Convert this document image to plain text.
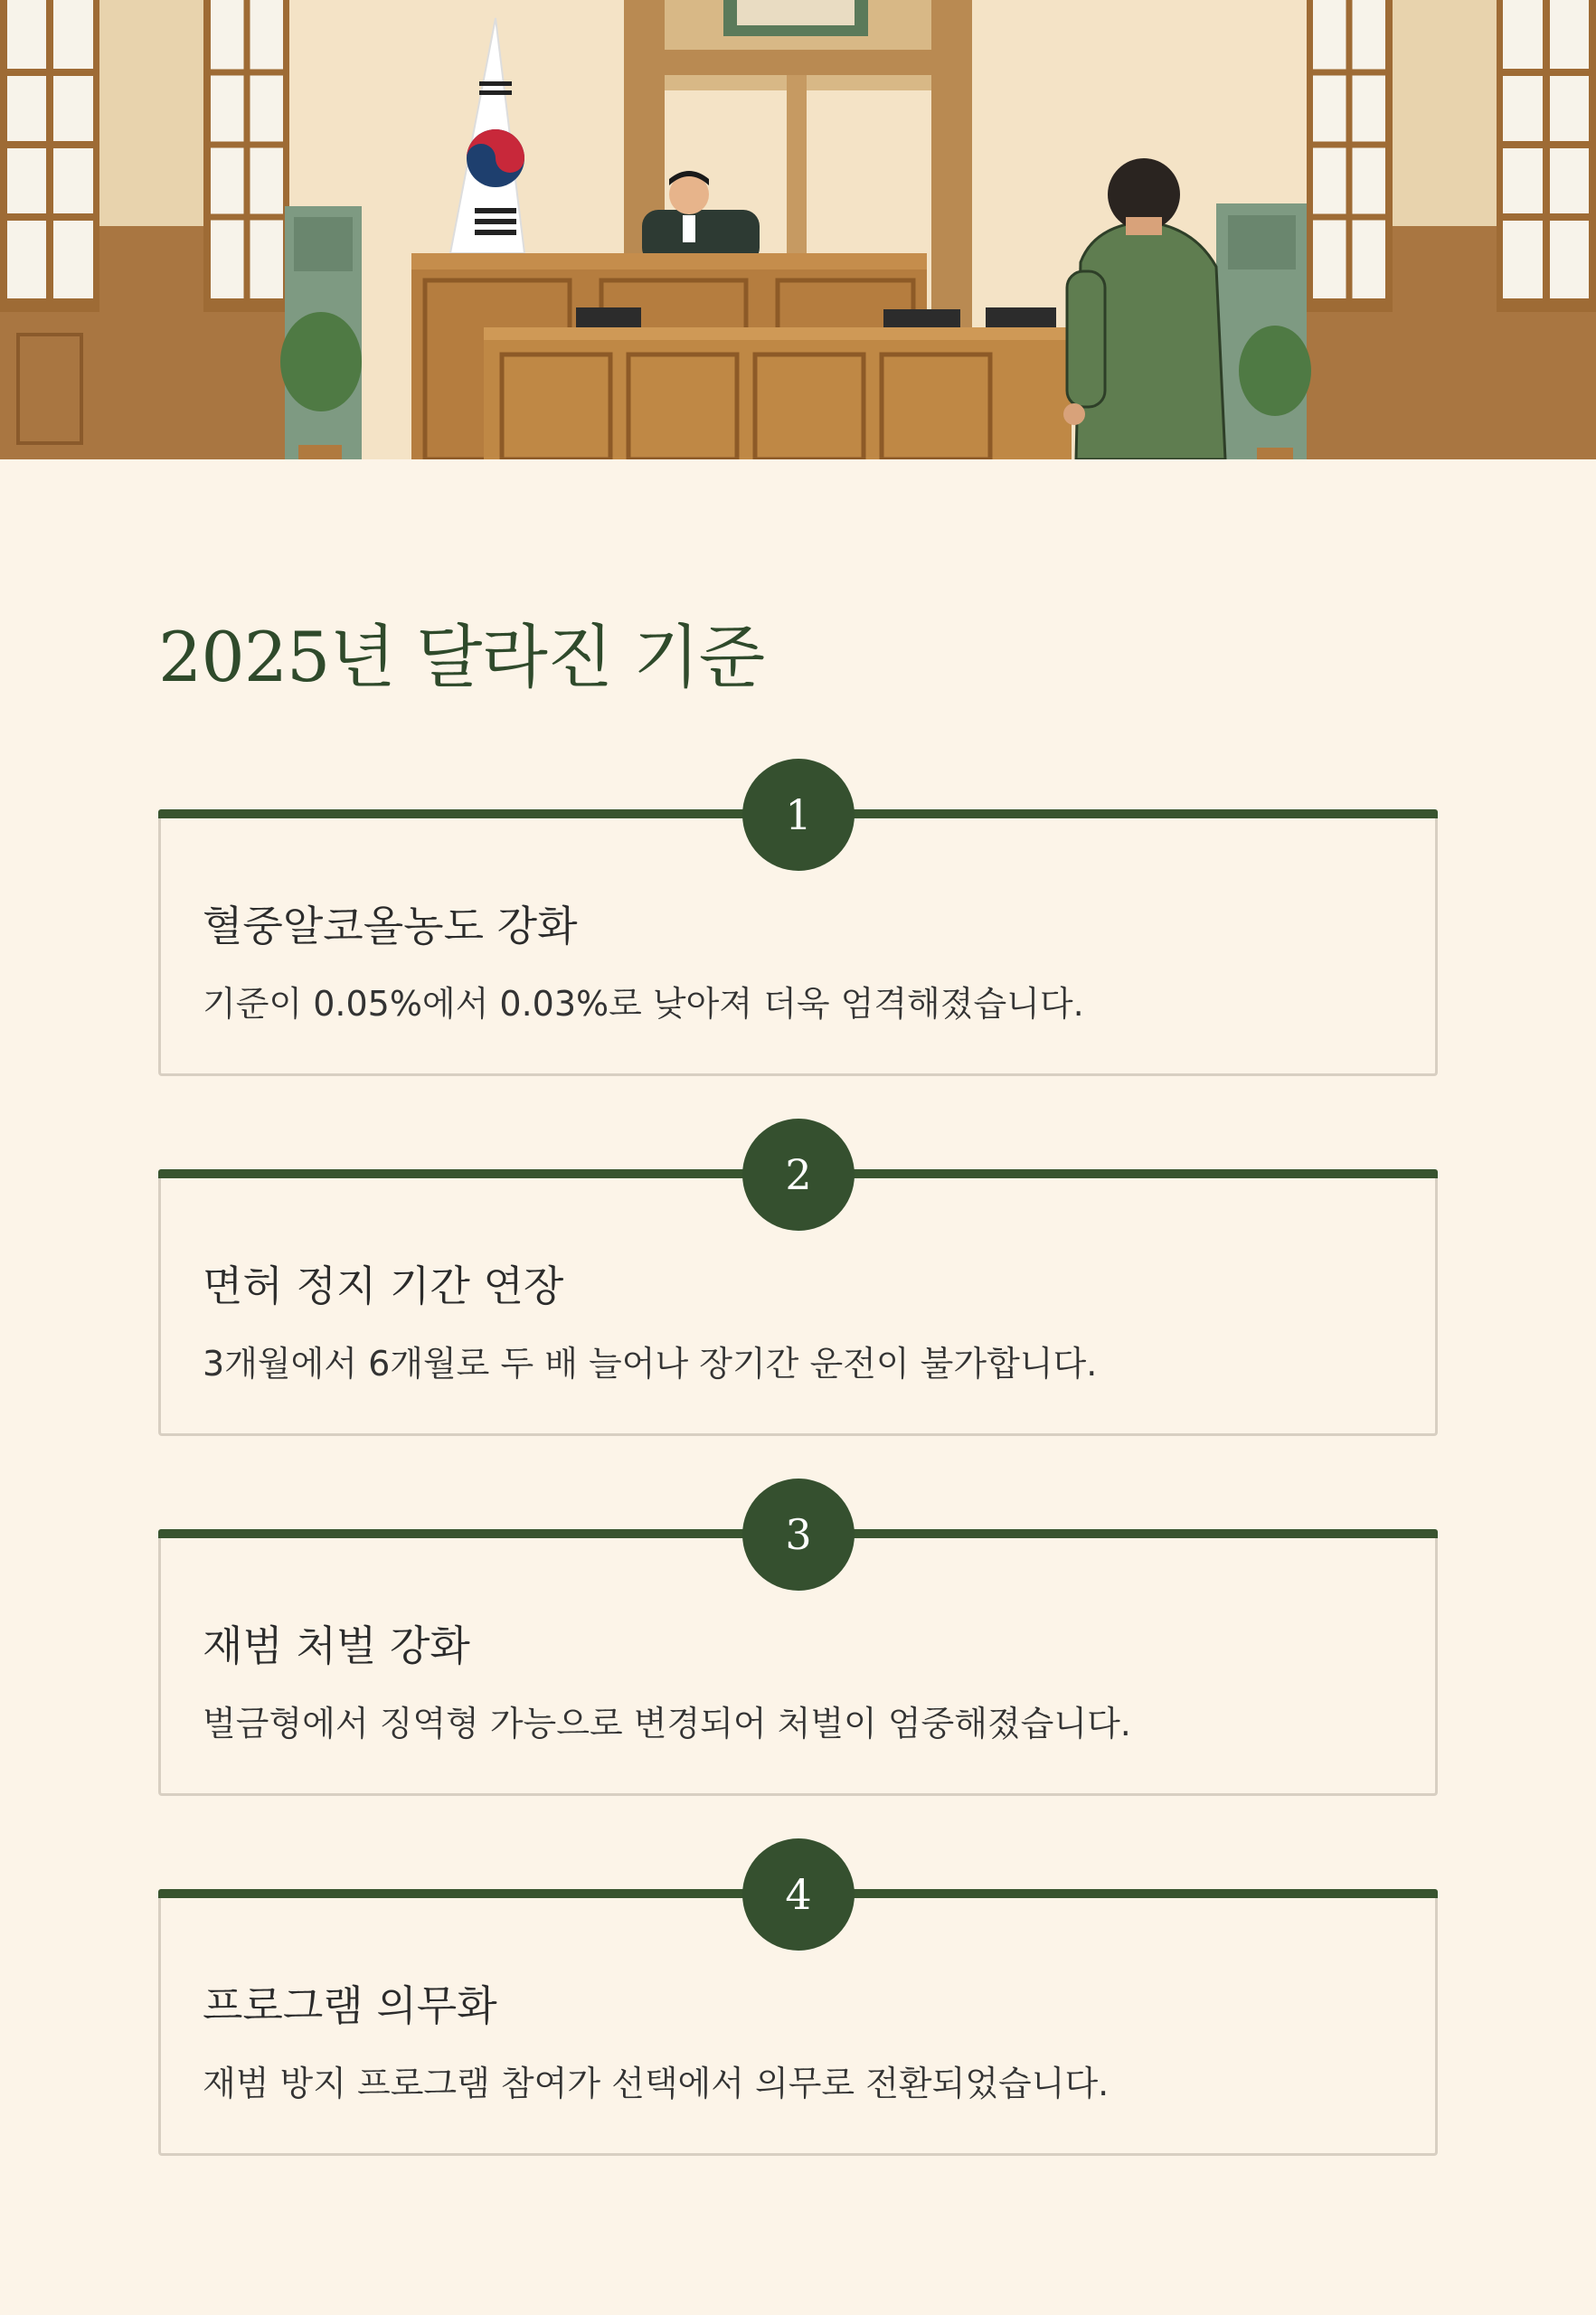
2025년 달라진 기준
혈중알코올농도 강화
기준이 0.05%에서 0.03%로 낮아져 더욱 엄격해졌습니다.
1
면허 정지 기간 연장
3개월에서 6개월로 두 배 늘어나 장기간 운전이 불가합니다.
2
재범 처벌 강화
벌금형에서 징역형 가능으로 변경되어 처벌이 엄중해졌습니다.
3
프로그램 의무화
재범 방지 프로그램 참여가 선택에서 의무로 전환되었습니다.
4
